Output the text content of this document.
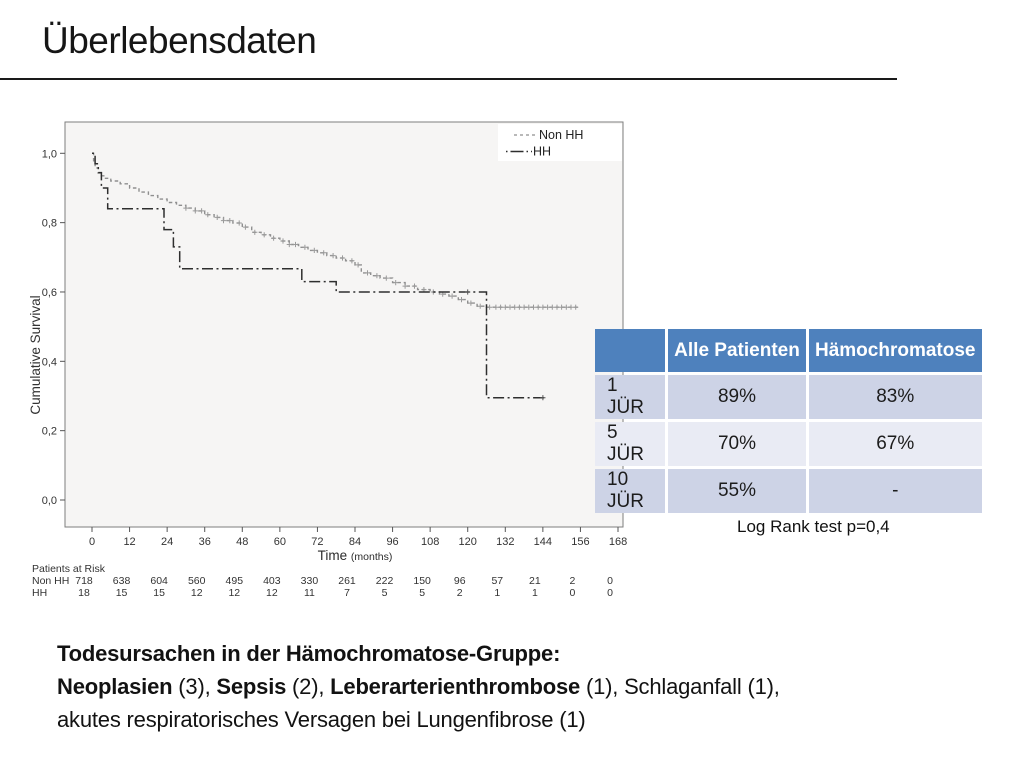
Überlebensdaten
0,0
0,2
0,4
0,6
0,8
1,0
0	12 24 36 48 60 72 84 96 108 120 132 144 156 168
Time (months)
Cumulative Survival
Non HH
HH
Patients at Risk
Non HH 718 638 604 560 495 403 330 261 222 150 96 57 21	2	0
HH	18 15 15 12 12 12	11	7	5	5	2	1	1	0	0
	Alle Patienten	Hämochromatose
1 JÜR	89%	83%
5 JÜR	70%	67%
10 JÜR	55%	-
Log Rank test p=0,4
Todesursachen in der Hämochromatose-Gruppe:
Neoplasien (3), Sepsis (2), Leberarterienthrombose (1), Schlaganfall (1),
akutes respiratorisches Versagen bei Lungenfibrose (1)
